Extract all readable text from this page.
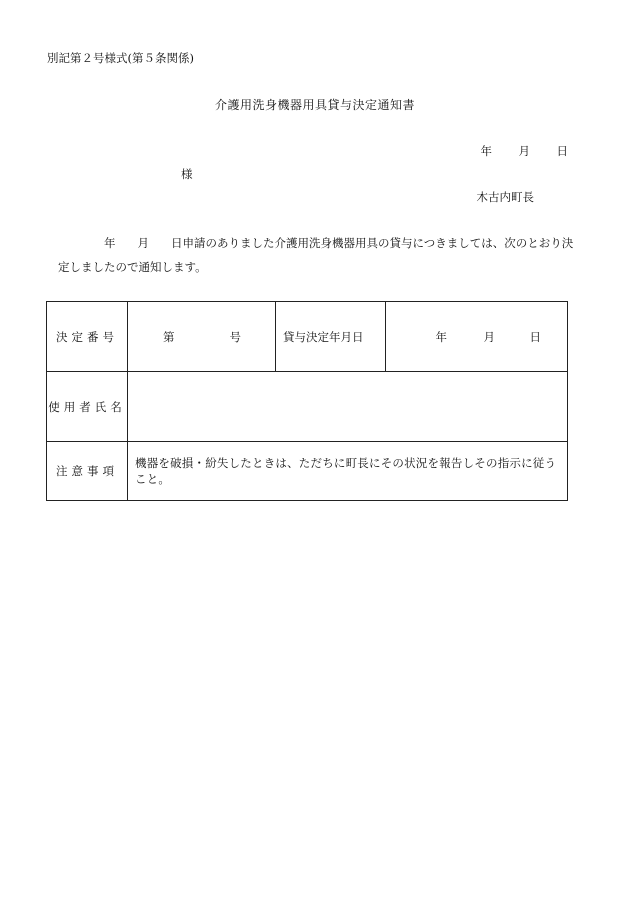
別記第２号様式(第５条関係)
介護用洗身機器用具貸与決定通知書
年	月	日
様
木古内町長
年 月 日申請のありました介護用洗身機器用具の貸与につきましては、次のとおり決
定しましたので通知します。
決定番号	第 号	貸与決定年月日	年 月 日

使用者氏名			
注意事項	機器を破損・紛失したときは、ただちに町長にその状況を報告しその指示に従うこと。		
